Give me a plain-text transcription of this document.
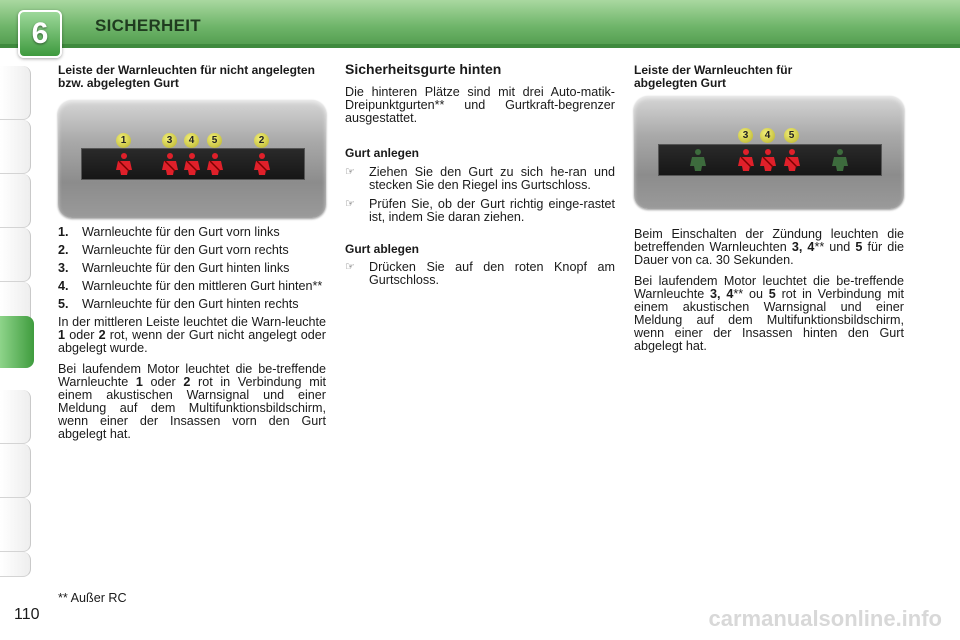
6	SICHERHEIT
Leiste der Warnleuchten für nicht angelegten bzw. abgelegten Gurt
1	3	4	5	2
1.	Warnleuchte für den Gurt vorn links
2.	Warnleuchte für den Gurt vorn rechts
3.	Warnleuchte für den Gurt hinten links
4.	Warnleuchte für den mittleren Gurt hinten**
5.	Warnleuchte für den Gurt hinten rechts

In der mittleren Leiste leuchtet die Warn-leuchte 1 oder 2 rot, wenn der Gurt nicht angelegt oder abgelegt wurde.

Bei laufendem Motor leuchtet die be-treffende Warnleuchte 1 oder 2 rot in Verbindung mit einem akustischen Warnsignal und einer Meldung auf dem Multifunktionsbildschirm, wenn einer der Insassen vorn den Gurt abgelegt hat.

Sicherheitsgurte hinten

Die hinteren Plätze sind mit drei Auto-matik-Dreipunktgurten** und Gurtkraft-begrenzer ausgestattet.

Gurt anlegen
☞	Ziehen Sie den Gurt zu sich he-ran und stecken Sie den Riegel ins Gurtschloss.
☞	Prüfen Sie, ob der Gurt richtig einge-rastet ist, indem Sie daran ziehen.
Gurt ablegen
☞	Drücken Sie auf den roten Knopf am Gurtschloss.
Leiste der Warnleuchten für abgelegten Gurt
3	4	5

Beim Einschalten der Zündung leuchten die betreffenden Warnleuchten 3, 4** und 5 für die Dauer von ca. 30 Sekunden.

Bei laufendem Motor leuchtet die be-treffende Warnleuchte 3, 4** ou 5 rot in Verbindung mit einem akustischen Warnsignal und einer Meldung auf dem Multifunktionsbildschirm, wenn einer der Insassen hinten den Gurt abgelegt hat.

** Außer RC
110	carmanualsonline.info
